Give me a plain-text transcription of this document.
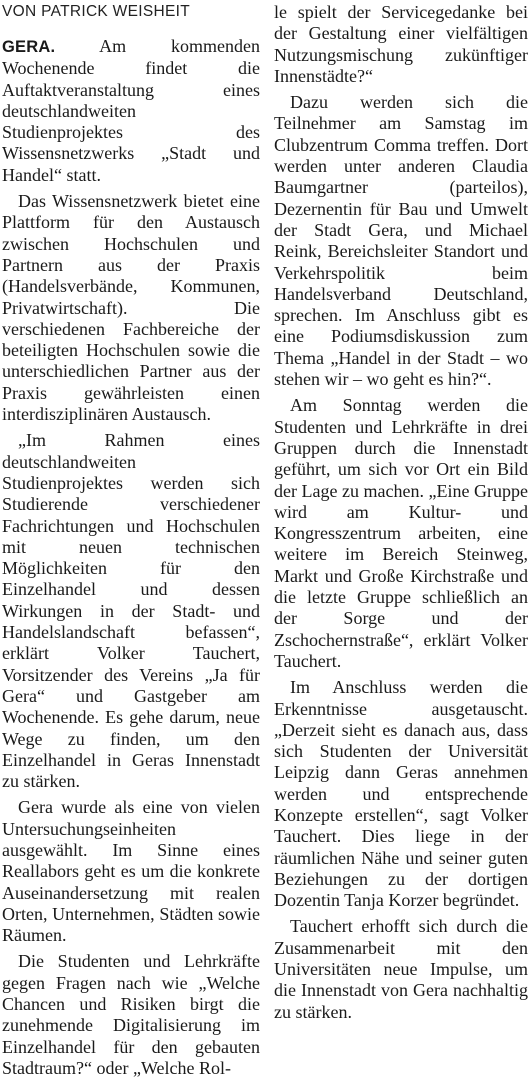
VON PATRICK WEISHEIT

GERA. Am kommenden Wochenende findet die Auftaktveranstaltung eines deutschlandweiten Studienprojektes des Wissensnetzwerks „Stadt und Handel“ statt.

Das Wissensnetzwerk bietet eine Plattform für den Austausch zwischen Hochschulen und Partnern aus der Praxis (Handelsverbände, Kommunen, Privatwirtschaft). Die verschiedenen Fachbereiche der beteiligten Hochschulen sowie die unterschiedlichen Partner aus der Praxis gewährleisten einen interdisziplinären Austausch.

„Im Rahmen eines deutschlandweiten Studienprojektes werden sich Studierende verschiedener Fachrichtungen und Hochschulen mit neuen technischen Möglichkeiten für den Einzelhandel und dessen Wirkungen in der Stadt- und Handelslandschaft befassen“, erklärt Volker Tauchert, Vorsitzender des Vereins „Ja für Gera“ und Gastgeber am Wochenende. Es gehe darum, neue Wege zu finden, um den Einzelhandel in Geras Innenstadt zu stärken.

Gera wurde als eine von vielen Untersuchungseinheiten ausgewählt. Im Sinne eines Reallabors geht es um die konkrete Auseinandersetzung mit realen Orten, Unternehmen, Städten sowie Räumen.

Die Studenten und Lehrkräfte gegen Fragen nach wie „Welche Chancen und Risiken birgt die zunehmende Digitalisierung im Einzelhandel für den gebauten Stadtraum?“ oder „Welche Rol-

le spielt der Servicegedanke bei der Gestaltung einer vielfältigen Nutzungsmischung zukünftiger Innenstädte?“

Dazu werden sich die Teilnehmer am Samstag im Clubzentrum Comma treffen. Dort werden unter anderen Claudia Baumgartner (parteilos), Dezernentin für Bau und Umwelt der Stadt Gera, und Michael Reink, Bereichsleiter Standort und Verkehrspolitik beim Handelsverband Deutschland, sprechen. Im Anschluss gibt es eine Podiumsdiskussion zum Thema „Handel in der Stadt – wo stehen wir – wo geht es hin?“.

Am Sonntag werden die Studenten und Lehrkräfte in drei Gruppen durch die Innenstadt geführt, um sich vor Ort ein Bild der Lage zu machen. „Eine Gruppe wird am Kultur- und Kongresszentrum arbeiten, eine weitere im Bereich Steinweg, Markt und Große Kirchstraße und die letzte Gruppe schließlich an der Sorge und der Zschochernstraße“, erklärt Volker Tauchert.

Im Anschluss werden die Erkenntnisse ausgetauscht. „Derzeit sieht es danach aus, dass sich Studenten der Universität Leipzig dann Geras annehmen werden und entsprechende Konzepte erstellen“, sagt Volker Tauchert. Dies liege in der räumlichen Nähe und seiner guten Beziehungen zu der dortigen Dozentin Tanja Korzer begründet.

Tauchert erhofft sich durch die Zusammenarbeit mit den Universitäten neue Impulse, um die Innenstadt von Gera nachhaltig zu stärken.
